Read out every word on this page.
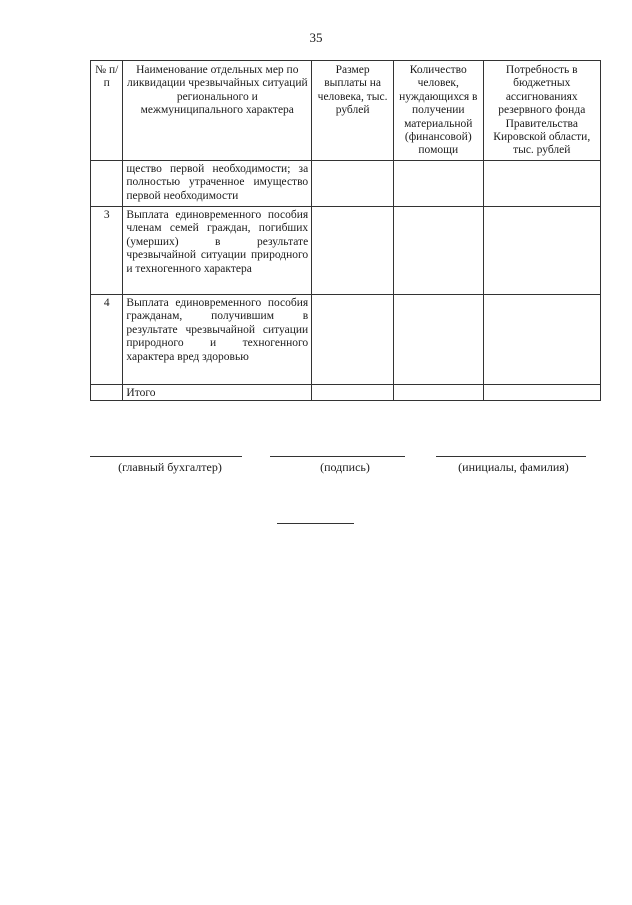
35
№ п/п	Наименование отдельных мер по ликвидации чрезвычайных ситуаций регионального и межмуниципального характера	Размер выплаты на человека, тыс. рублей	Количество человек, нуждающихся в получении материальной (финансовой) помощи	Потребность в бюджетных ассигнованиях резервного фонда Правительства Кировской области, тыс. рублей
	щество первой необходимости; за полностью утраченное имущество первой необходимости			
3	Выплата единовременного пособия членам семей граждан, погибших (умерших) в результате чрезвычайной ситуации природного и техногенного характера			
4	Выплата единовременного пособия гражданам, получившим в результате чрезвычайной ситуации природного и техногенного характера вред здоровью			
	Итого			
(главный бухгалтер)	(подпись)	(инициалы, фамилия)
